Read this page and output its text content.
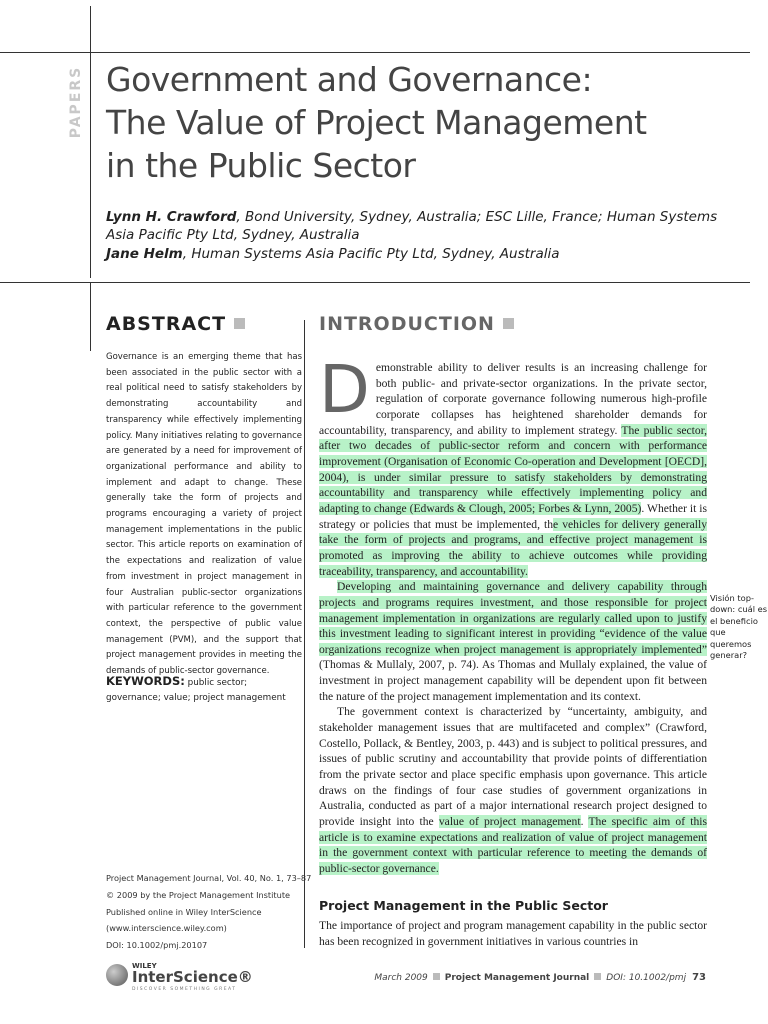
PAPERS Government and Governance:
The Value of Project Management
in the Public Sector

Lynn H. Crawford, Bond University, Sydney, Australia; ESC Lille, France; Human Systems Asia Pacific Pty Ltd, Sydney, Australia

Jane Helm, Human Systems Asia Pacific Pty Ltd, Sydney, Australia

ABSTRACT
Governance is an emerging theme that has been associated in the public sector with a real political need to satisfy stakeholders by demonstrating accountability and transparency while effectively implementing policy. Many initiatives relating to governance are generated by a need for improvement of organizational performance and ability to implement and adapt to change. These generally take the form of projects and programs encouraging a variety of project management implementations in the public sector. This article reports on examination of the expectations and realization of value from investment in project management in four Australian public-sector organizations with particular reference to the government context, the perspective of public value management (PVM), and the support that project management provides in meeting the demands of public-sector governance.
KEYWORDS: public sector; governance; value; project management
Project Management Journal, Vol. 40, No. 1, 73–87
© 2009 by the Project Management Institute
Published online in Wiley InterScience
(www.interscience.wiley.com)
DOI: 10.1002/pmj.20107
INTRODUCTION

Demonstrable ability to deliver results is an increasing challenge for both public- and private-sector organizations. In the private sector, regulation of corporate governance following numerous high-profile corporate collapses has heightened shareholder demands for accountability, transparency, and ability to implement strategy. The public sector, after two decades of public-sector reform and concern with performance improvement (Organisation of Economic Co-operation and Development [OECD], 2004), is under similar pressure to satisfy stakeholders by demonstrating accountability and transparency while effectively implementing policy and adapting to change (Edwards & Clough, 2005; Forbes & Lynn, 2005). Whether it is strategy or policies that must be implemented, the vehicles for delivery generally take the form of projects and programs, and effective project management is promoted as improving the ability to achieve outcomes while providing traceability, transparency, and accountability.

Developing and maintaining governance and delivery capability through projects and programs requires investment, and those responsible for project management implementation in organizations are regularly called upon to justify this investment leading to significant interest in providing “evidence of the value organizations recognize when project management is appropriately implemented” (Thomas & Mullaly, 2007, p. 74). As Thomas and Mullaly explained, the value of investment in project management capability will be dependent upon fit between the nature of the project management implementation and its context.

The government context is characterized by “uncertainty, ambiguity, and stakeholder management issues that are multifaceted and complex” (Crawford, Costello, Pollack, & Bentley, 2003, p. 443) and is subject to political pressures, and issues of public scrutiny and accountability that provide points of differentiation from the private sector and place specific emphasis upon governance. This article draws on the findings of four case studies of government organizations in Australia, conducted as part of a major international research project designed to provide insight into the value of project management. The specific aim of this article is to examine expectations and realization of value of project management in the government context with particular reference to meeting the demands of public-sector governance.

Project Management in the Public Sector

The importance of project and program management capability in the public sector has been recognized in government initiatives in various countries in

Visión top-down: cuál es el beneficio que queremos generar?
WILEY
InterScience®
DISCOVER SOMETHING GREAT
March 2009 Project Management Journal DOI: 10.1002/pmj 73
